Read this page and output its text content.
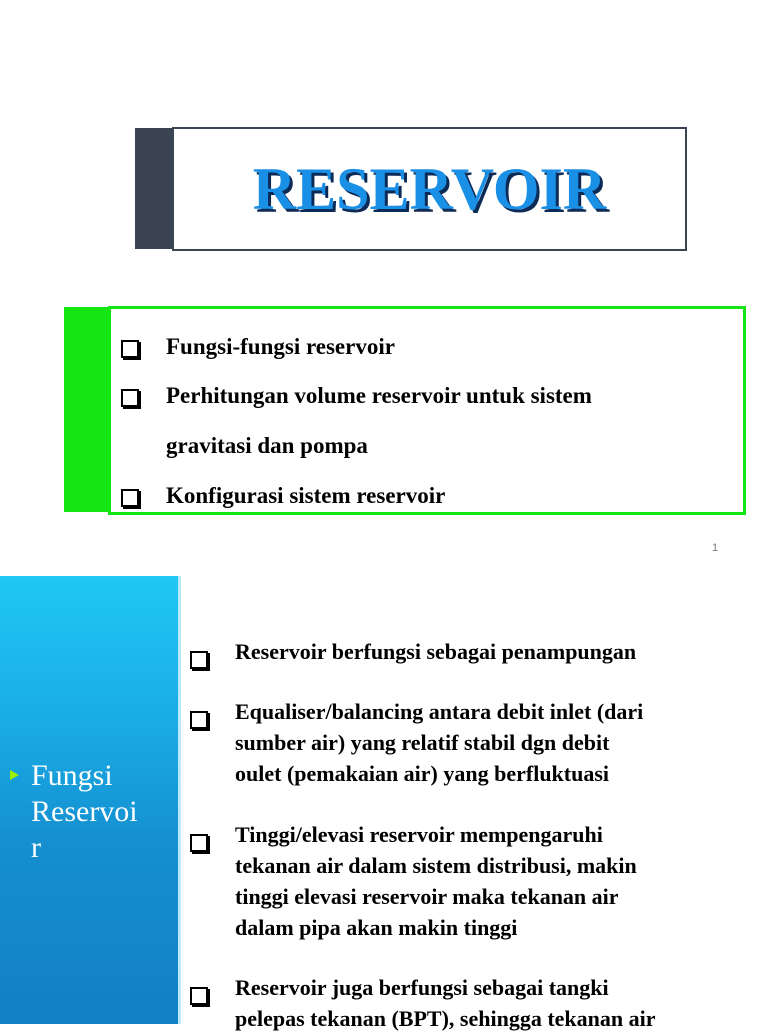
RESERVOIR
Fungsi-fungsi reservoir
Perhitungan volume reservoir untuk sistem
gravitasi dan pompa
Konfigurasi sistem reservoir
1
Fungsi
Reservoi
r
Reservoir berfungsi sebagai penampungan
Equaliser/balancing antara debit inlet (dari
sumber air) yang relatif stabil dgn debit
oulet (pemakaian air) yang berfluktuasi
Tinggi/elevasi reservoir mempengaruhi
tekanan air dalam sistem distribusi, makin
tinggi elevasi reservoir maka tekanan air
dalam pipa akan makin tinggi
Reservoir juga berfungsi sebagai tangki
pelepas tekanan (BPT), sehingga tekanan air
